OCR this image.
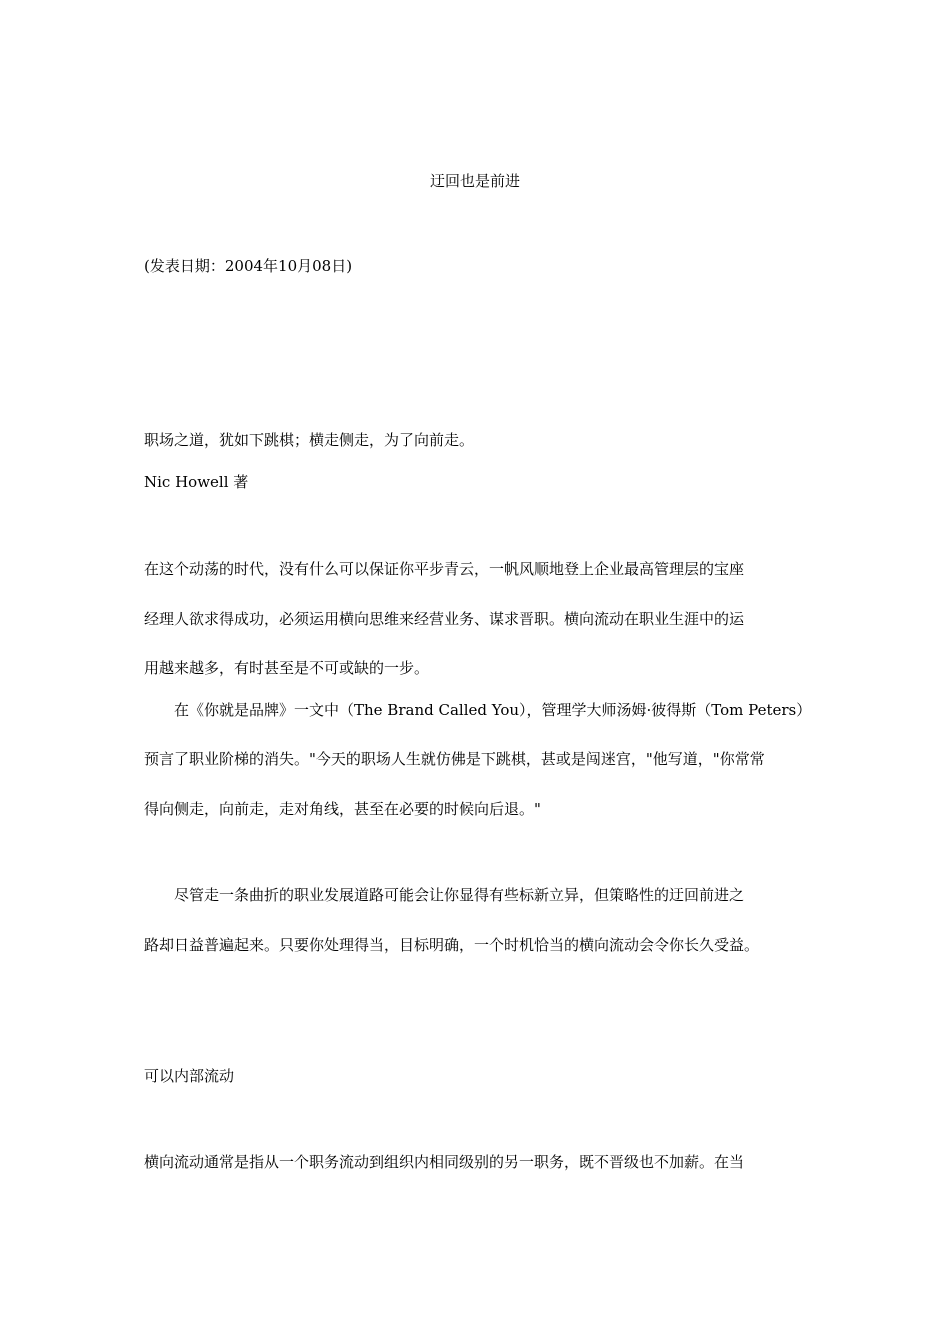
迂回也是前进
(发表日期：2004年10月08日)
职场之道，犹如下跳棋；横走侧走，为了向前走。
Nic Howell 著
在这个动荡的时代，没有什么可以保证你平步青云，一帆风顺地登上企业最高管理层的宝座
经理人欲求得成功，必须运用横向思维来经营业务、谋求晋职。横向流动在职业生涯中的运
用越来越多，有时甚至是不可或缺的一步。
在《你就是品牌》一文中（The Brand Called You），管理学大师汤姆·彼得斯（Tom Peters）
预言了职业阶梯的消失。"今天的职场人生就仿佛是下跳棋，甚或是闯迷宫，"他写道，"你常常
得向侧走，向前走，走对角线，甚至在必要的时候向后退。"
尽管走一条曲折的职业发展道路可能会让你显得有些标新立异，但策略性的迂回前进之
路却日益普遍起来。只要你处理得当，目标明确，一个时机恰当的横向流动会令你长久受益。
可以内部流动
横向流动通常是指从一个职务流动到组织内相同级别的另一职务，既不晋级也不加薪。在当
